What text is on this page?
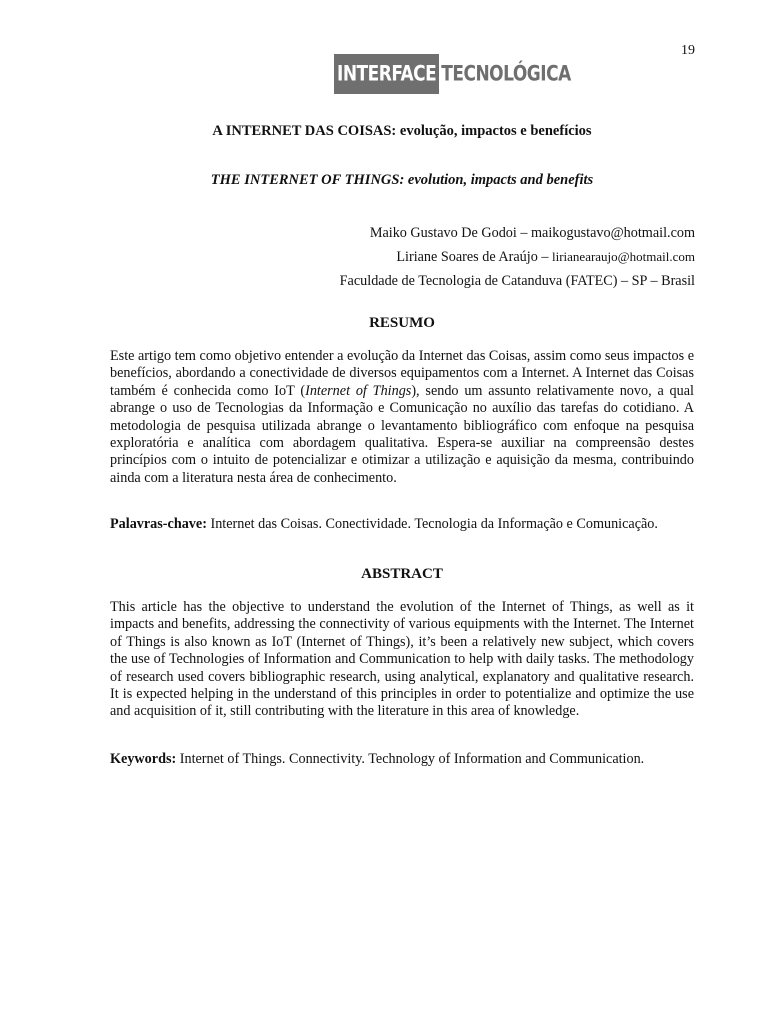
19
INTERFACE TECNOLÓGICA
A INTERNET DAS COISAS: evolução, impactos e benefícios
THE INTERNET OF THINGS: evolution, impacts and benefits
Maiko Gustavo De Godoi – maikogustavo@hotmail.com
Liriane Soares de Araújo – lirianearaujo@hotmail.com
Faculdade de Tecnologia de Catanduva (FATEC) – SP – Brasil
RESUMO
Este artigo tem como objetivo entender a evolução da Internet das Coisas, assim como seus impactos e benefícios, abordando a conectividade de diversos equipamentos com a Internet. A Internet das Coisas também é conhecida como IoT (Internet of Things), sendo um assunto relativamente novo, a qual abrange o uso de Tecnologias da Informação e Comunicação no auxílio das tarefas do cotidiano. A metodologia de pesquisa utilizada abrange o levantamento bibliográfico com enfoque na pesquisa exploratória e analítica com abordagem qualitativa. Espera-se auxiliar na compreensão destes princípios com o intuito de potencializar e otimizar a utilização e aquisição da mesma, contribuindo ainda com a literatura nesta área de conhecimento.
Palavras-chave: Internet das Coisas. Conectividade. Tecnologia da Informação e Comunicação.
ABSTRACT
This article has the objective to understand the evolution of the Internet of Things, as well as it impacts and benefits, addressing the connectivity of various equipments with the Internet. The Internet of Things is also known as IoT (Internet of Things), it’s been a relatively new subject, which covers the use of Technologies of Information and Communication to help with daily tasks. The methodology of research used covers bibliographic research, using analytical, explanatory and qualitative research. It is expected helping in the understand of this principles in order to potentialize and optimize the use and acquisition of it, still contributing with the literature in this area of knowledge.
Keywords: Internet of Things. Connectivity. Technology of Information and Communication.
